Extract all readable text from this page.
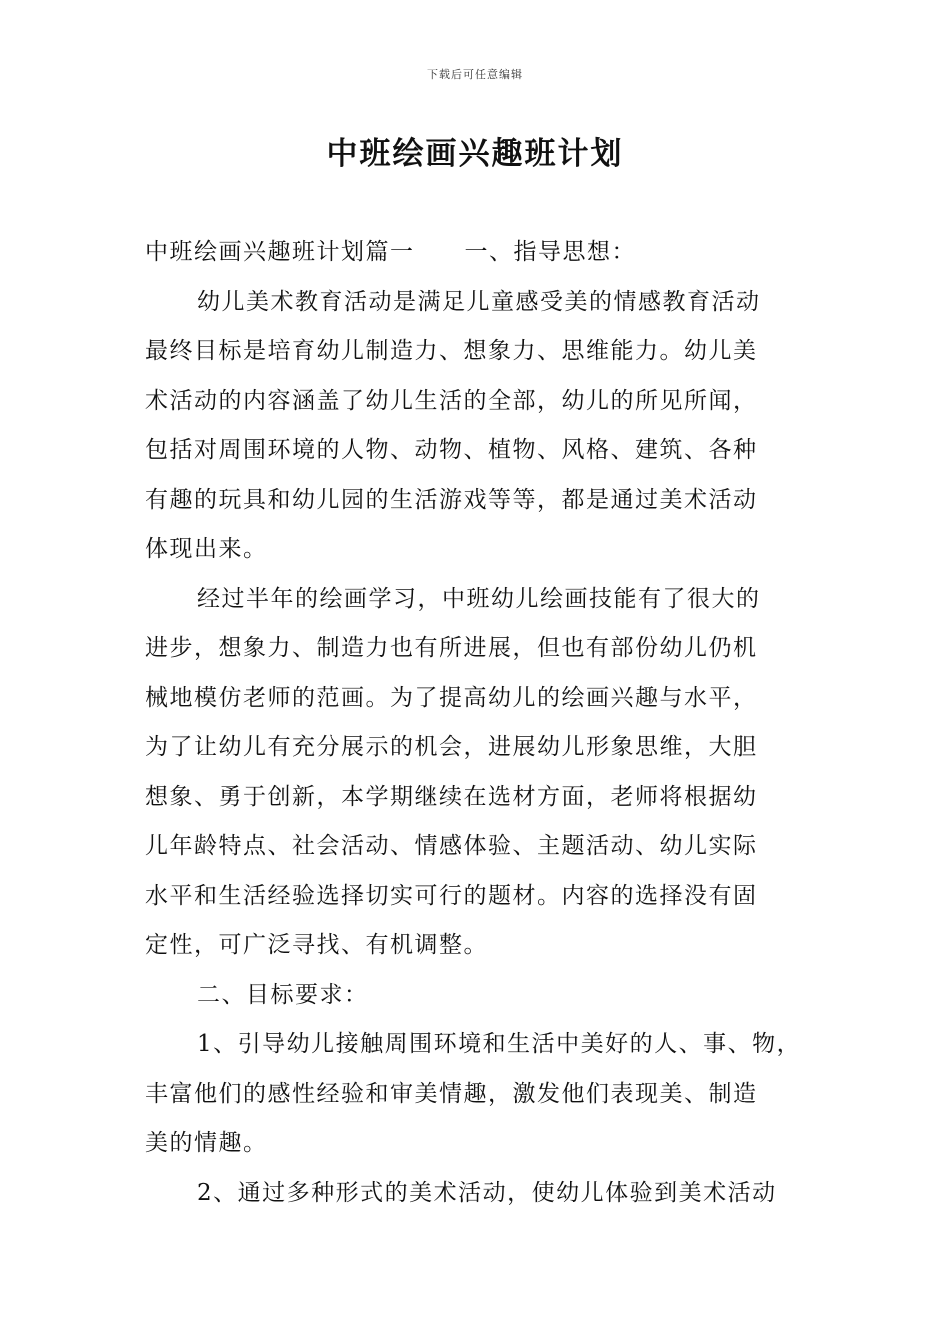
下载后可任意编辑
中班绘画兴趣班计划
中班绘画兴趣班计划篇一 一、指导思想：
幼儿美术教育活动是满足儿童感受美的情感教育活动
最终目标是培育幼儿制造力、想象力、思维能力。幼儿美
术活动的内容涵盖了幼儿生活的全部，幼儿的所见所闻，
包括对周围环境的人物、动物、植物、风格、建筑、各种
有趣的玩具和幼儿园的生活游戏等等，都是通过美术活动
体现出来。
经过半年的绘画学习，中班幼儿绘画技能有了很大的
进步，想象力、制造力也有所进展，但也有部份幼儿仍机
械地模仿老师的范画。为了提高幼儿的绘画兴趣与水平，
为了让幼儿有充分展示的机会，进展幼儿形象思维，大胆
想象、勇于创新，本学期继续在选材方面，老师将根据幼
儿年龄特点、社会活动、情感体验、主题活动、幼儿实际
水平和生活经验选择切实可行的题材。内容的选择没有固
定性，可广泛寻找、有机调整。
二、目标要求：
1、引导幼儿接触周围环境和生活中美好的人、事、物，
丰富他们的感性经验和审美情趣，激发他们表现美、制造
美的情趣。
2、通过多种形式的美术活动，使幼儿体验到美术活动
